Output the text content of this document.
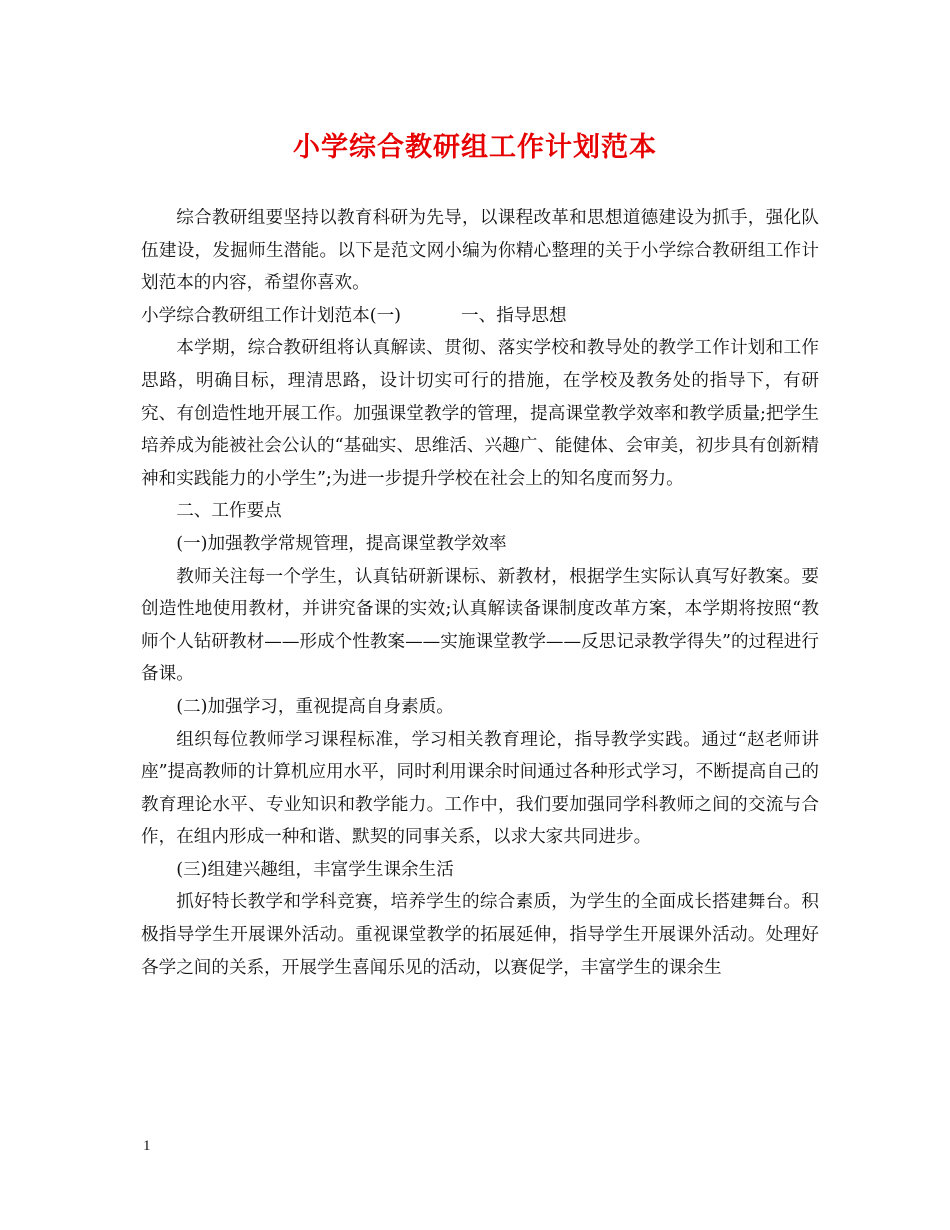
小学综合教研组工作计划范本

综合教研组要坚持以教育科研为先导，以课程改革和思想道德建设为抓手，强化队伍建设，发掘师生潜能。以下是范文网小编为你精心整理的关于小学综合教研组工作计划范本的内容，希望你喜欢。

小学综合教研组工作计划范本(一)	一、指导思想

本学期，综合教研组将认真解读、贯彻、落实学校和教导处的教学工作计划和工作思路，明确目标，理清思路，设计切实可行的措施，在学校及教务处的指导下，有研究、有创造性地开展工作。加强课堂教学的管理，提高课堂教学效率和教学质量;把学生培养成为能被社会公认的“基础实、思维活、兴趣广、能健体、会审美，初步具有创新精神和实践能力的小学生”;为进一步提升学校在社会上的知名度而努力。

二、工作要点

(一)加强教学常规管理，提高课堂教学效率

教师关注每一个学生，认真钻研新课标、新教材，根据学生实际认真写好教案。要创造性地使用教材，并讲究备课的实效;认真解读备课制度改革方案，本学期将按照“教师个人钻研教材——形成个性教案——实施课堂教学——反思记录教学得失”的过程进行备课。

(二)加强学习，重视提高自身素质。

组织每位教师学习课程标准，学习相关教育理论，指导教学实践。通过“赵老师讲座”提高教师的计算机应用水平，同时利用课余时间通过各种形式学习，不断提高自己的教育理论水平、专业知识和教学能力。工作中，我们要加强同学科教师之间的交流与合作，在组内形成一种和谐、默契的同事关系，以求大家共同进步。

(三)组建兴趣组，丰富学生课余生活

抓好特长教学和学科竞赛，培养学生的综合素质，为学生的全面成长搭建舞台。积极指导学生开展课外活动。重视课堂教学的拓展延伸，指导学生开展课外活动。处理好各学之间的关系，开展学生喜闻乐见的活动，以赛促学，丰富学生的课余生

1
